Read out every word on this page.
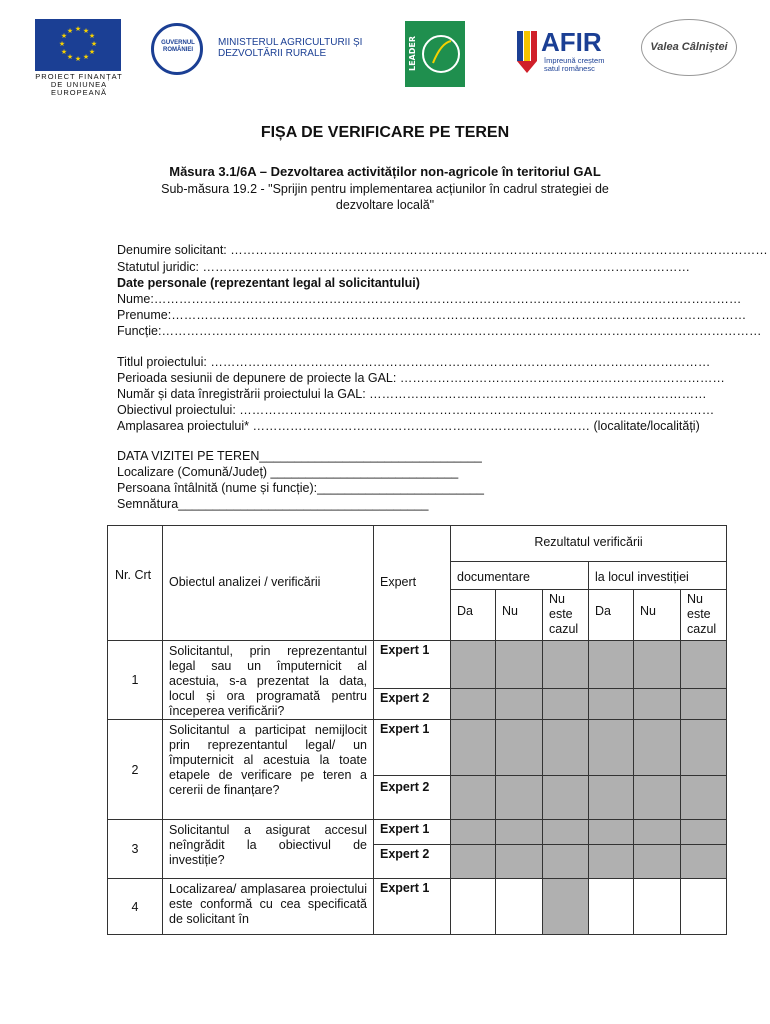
★ ★
★
★
★
★
★
★
★
★
★
★
PROIECT FINANȚAT DE UNIUNEA EUROPEANĂ
GUVERNUL ROMÂNIEI
MINISTERUL AGRICULTURII ȘI DEZVOLTĂRII RURALE	LEADER	AFIR
împreună creștem satul românesc
Valea Câlniștei
FIȘA DE VERIFICARE PE TEREN
Măsura 3.1/6A – Dezvoltarea activităților non-agricole în teritoriul GAL
Sub-măsura 19.2 - "Sprijin pentru implementarea acțiunilor în cadrul strategiei de dezvoltare locală"
Denumire solicitant: …………………………………………………………………………………………………………………
Statutul juridic: ………………………………………………………………………………………………………
Date personale (reprezentant legal al solicitantului)
Nume:……………………………………………………………………………………………………………………………
Prenume:…………………………………………………………………………………………………………………………
Funcție:………………………………………………………………………………………………………………………………
Titlul proiectului: …………………………………………………………………………………………………………
Perioada sesiunii de depunere de proiecte la GAL: ……………………………………………………………………
Număr și data înregistrării proiectului la GAL: ………………………………………………………………………
Obiectivul proiectului: ……………………………………………………………………………………………………
Amplasarea proiectului* ……………………………………………………………………… (localitate/localități)
DATA VIZITEI PE TEREN________________________________
Localizare (Comună/Județ) ___________________________
Persoana întâlnită (nume și funcție):________________________
Semnătura____________________________________
Nr. Crt	Obiectul analizei / verificării	Expert	Rezultatul verificării					

			documentare			la locul investiției		

			Da	Nu	Nu este cazul	Da	Nu	Nu este cazul

1	Solicitantul, prin reprezentantul legal sau un împuternicit al acestuia, s-a prezentat la data, locul și ora programată pentru începerea verificării?	Expert 1						
		Expert 2						
2	Solicitantul a participat nemijlocit prin reprezentantul legal/ un împuternicit al acestuia la toate etapele de verificare pe teren a cererii de finanțare?	Expert 1						
		Expert 2						
3	Solicitantul a asigurat accesul neîngrădit la obiectivul de investiție?	Expert 1						
		Expert 2						
4	Localizarea/ amplasarea proiectului este conformă cu cea specificată de solicitant în	Expert 1						
